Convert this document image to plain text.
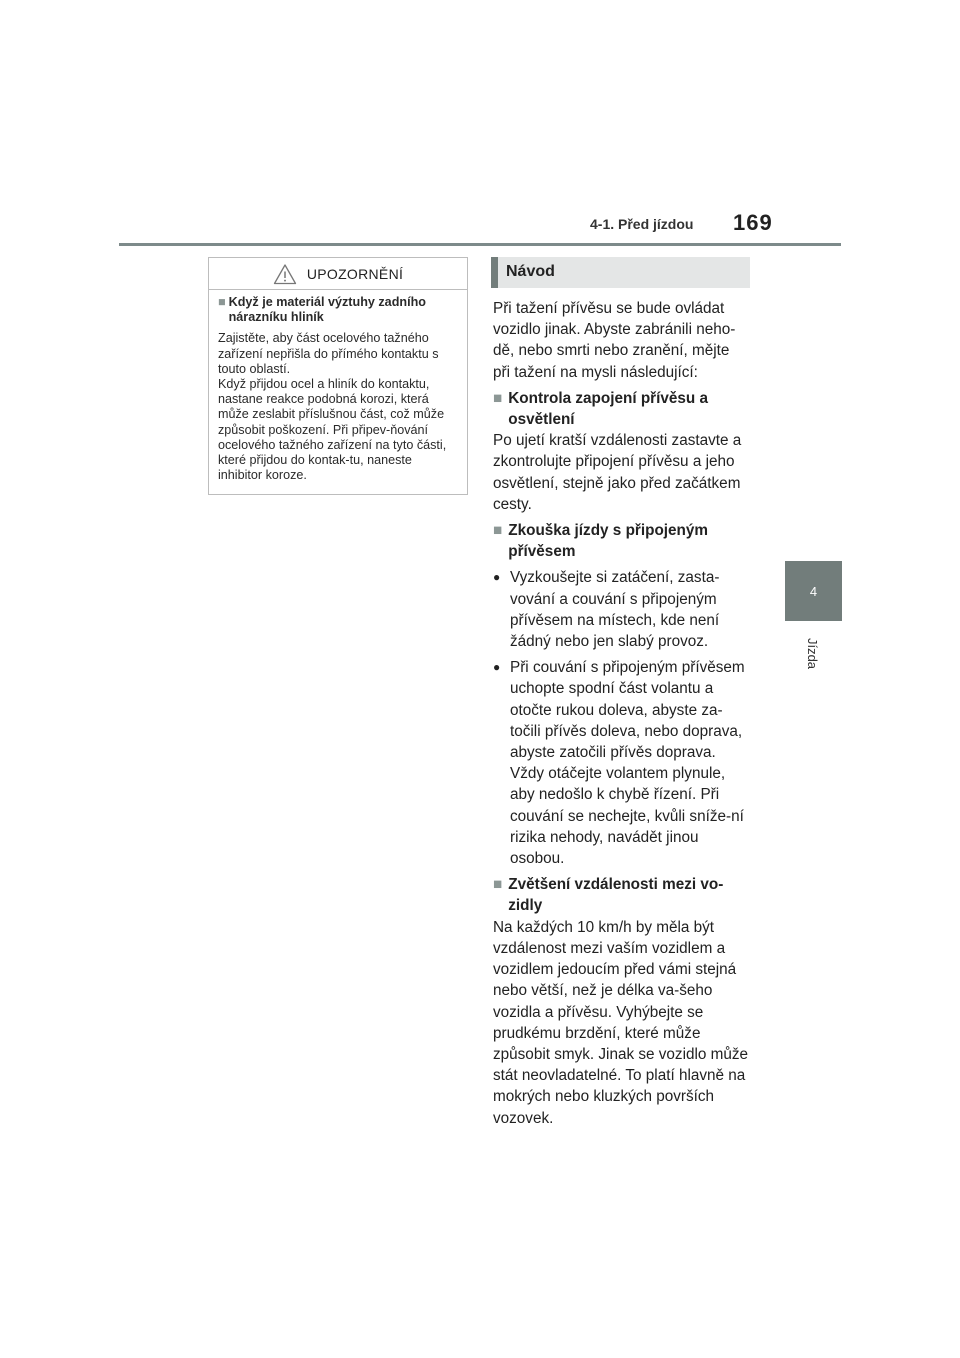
4-1. Před jízdou 169
4
Jízda
UPOZORNĚNÍ
■ Když je materiál výztuhy zadního nárazníku hliník

Zajistěte, aby část ocelového tažného zařízení nepřišla do přímého kontaktu s touto oblastí.
Když přijdou ocel a hliník do kontaktu, nastane reakce podobná korozi, která může zeslabit příslušnou část, což může způsobit poškození. Při připev-ňování ocelového tažného zařízení na tyto části, které přijdou do kontak-tu, naneste inhibitor koroze.

Návod

Při tažení přívěsu se bude ovládat vozidlo jinak. Abyste zabránili neho-dě, nebo smrti nebo zranění, mějte při tažení na mysli následující:

■ Kontrola zapojení přívěsu a osvětlení

Po ujetí kratší vzdálenosti zastavte a zkontrolujte připojení přívěsu a jeho osvětlení, stejně jako před začátkem cesty.

■ Zkouška jízdy s připojeným přívěsem
● Vyzkoušejte si zatáčení, zasta-vování a couvání s připojeným přívěsem na místech, kde není žádný nebo jen slabý provoz.
● Při couvání s připojeným přívěsem uchopte spodní část volantu a otočte rukou doleva, abyste za-točili přívěs doleva, nebo doprava, abyste zatočili přívěs doprava. Vždy otáčejte volantem plynule, aby nedošlo k chybě řízení. Při couvání se nechejte, kvůli sníže-ní rizika nehody, navádět jinou osobou.
■ Zvětšení vzdálenosti mezi vo-zidly

Na každých 10 km/h by měla být vzdálenost mezi vaším vozidlem a vozidlem jedoucím před vámi stejná nebo větší, než je délka va-šeho vozidla a přívěsu. Vyhýbejte se prudkému brzdění, které může způsobit smyk. Jinak se vozidlo může stát neovladatelné. To platí hlavně na mokrých nebo kluzkých površích vozovek.
